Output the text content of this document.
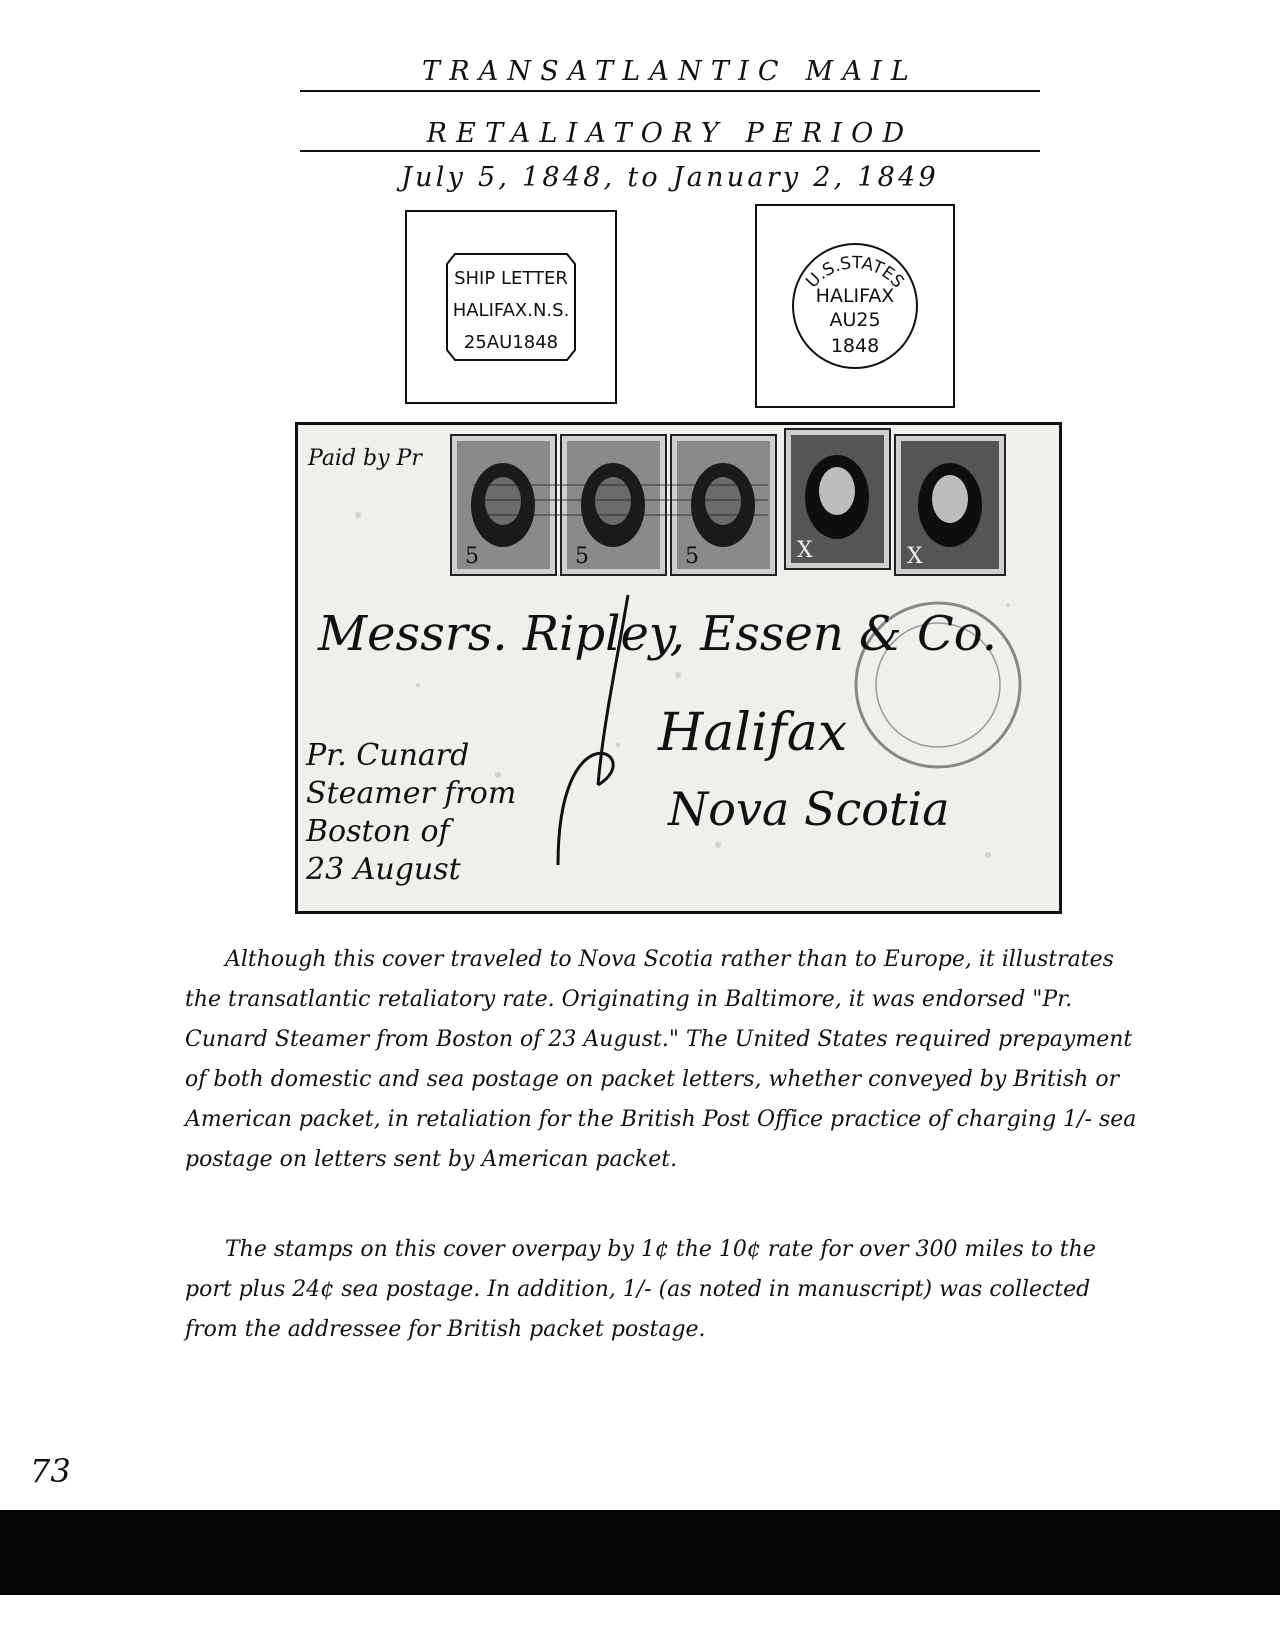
TRANSATLANTIC MAIL
RETALIATORY PERIOD
July 5, 1848, to January 2, 1849
SHIP LETTER
HALIFAX.N.S.
25AU1848
U.S.STATES
HALIFAX
AU25
1848
5	5	5	X	X
Paid by Pr
Messrs. Ripley, Essen & Co.
Halifax
Nova Scotia
Pr. Cunard
Steamer from
Boston of
23 August
Although this cover traveled to Nova Scotia rather than to Europe, it illustrates the transatlantic retaliatory rate. Originating in Baltimore, it was endorsed "Pr. Cunard Steamer from Boston of 23 August." The United States required prepayment of both domestic and sea postage on packet letters, whether conveyed by British or American packet, in retaliation for the British Post Office practice of charging 1/- sea postage on letters sent by American packet.
The stamps on this cover overpay by 1¢ the 10¢ rate for over 300 miles to the port plus 24¢ sea postage. In addition, 1/- (as noted in manuscript) was collected from the addressee for British packet postage.
73
